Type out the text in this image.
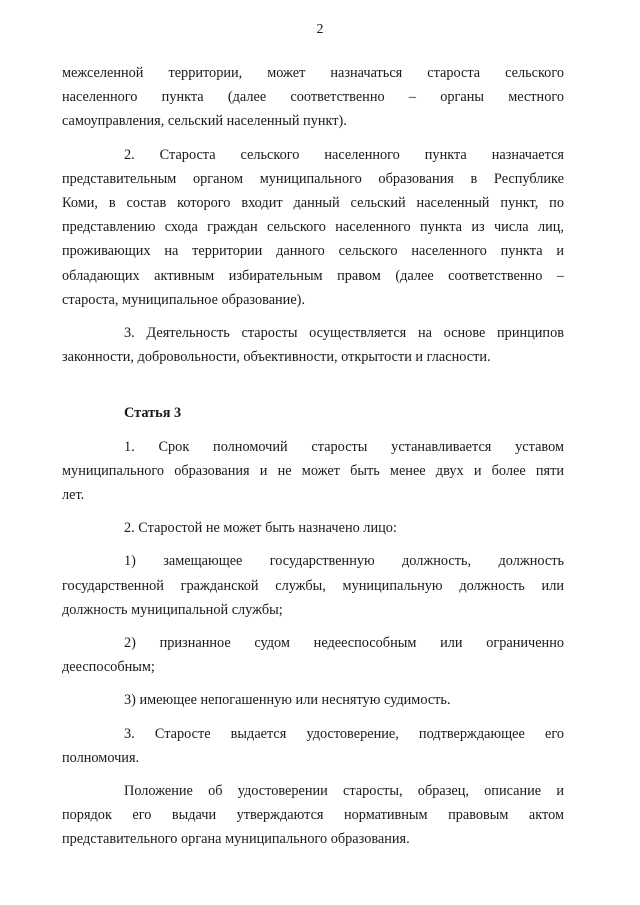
2

межселенной территории, может назначаться староста сельского

населенного пункта (далее соответственно – органы местного

самоуправления, сельский населенный пункт).

2. Староста сельского населенного пункта назначается

представительным органом муниципального образования в Республике

Коми, в состав которого входит данный сельский населенный пункт, по

представлению схода граждан сельского населенного пункта из числа лиц,

проживающих на территории данного сельского населенного пункта и

обладающих активным избирательным правом (далее соответственно –

староста, муниципальное образование).

3. Деятельность старосты осуществляется на основе принципов

законности, добровольности, объективности, открытости и гласности.

Статья 3

1. Срок полномочий старосты устанавливается уставом

муниципального образования и не может быть менее двух и более пяти

лет.

2. Старостой не может быть назначено лицо:

1) замещающее государственную должность, должность

государственной гражданской службы, муниципальную должность или

должность муниципальной службы;

2) признанное судом недееспособным или ограниченно

дееспособным;

3) имеющее непогашенную или неснятую судимость.

3. Старосте выдается удостоверение, подтверждающее его

полномочия.

Положение об удостоверении старосты, образец, описание и

порядок его выдачи утверждаются нормативным правовым актом

представительного органа муниципального образования.
